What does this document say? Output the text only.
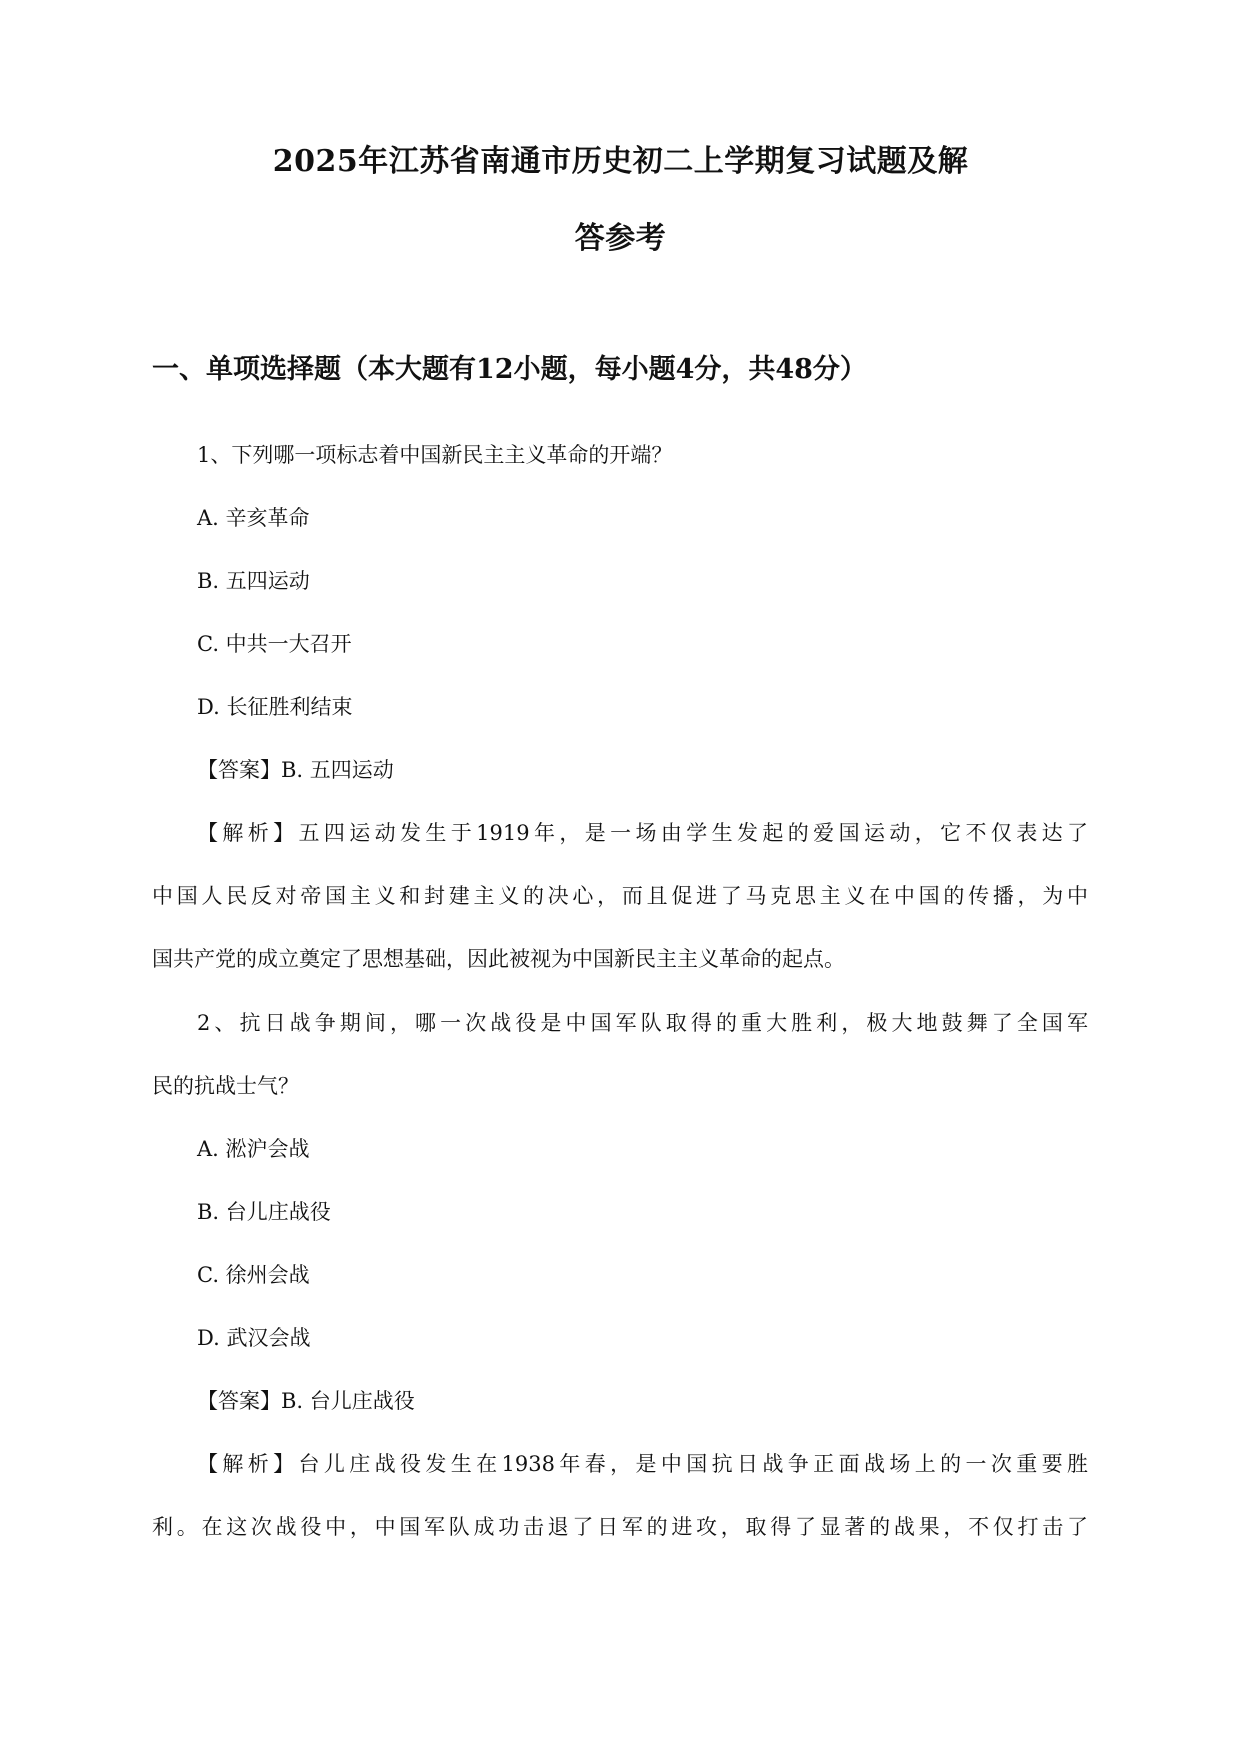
2025年江苏省南通市历史初二上学期复习试题及解
答参考
一、单项选择题（本大题有12小题，每小题4分，共48分）
1、下列哪一项标志着中国新民主主义革命的开端？
A. 辛亥革命
B. 五四运动
C. 中共一大召开
D. 长征胜利结束
【答案】B. 五四运动
【解析】五四运动发生于1919年，是一场由学生发起的爱国运动，它不仅表达了
中国人民反对帝国主义和封建主义的决心，而且促进了马克思主义在中国的传播，为中
国共产党的成立奠定了思想基础，因此被视为中国新民主主义革命的起点。
2、抗日战争期间，哪一次战役是中国军队取得的重大胜利，极大地鼓舞了全国军
民的抗战士气？
A. 淞沪会战
B. 台儿庄战役
C. 徐州会战
D. 武汉会战
【答案】B. 台儿庄战役
【解析】台儿庄战役发生在1938年春，是中国抗日战争正面战场上的一次重要胜
利。在这次战役中，中国军队成功击退了日军的进攻，取得了显著的战果，不仅打击了
